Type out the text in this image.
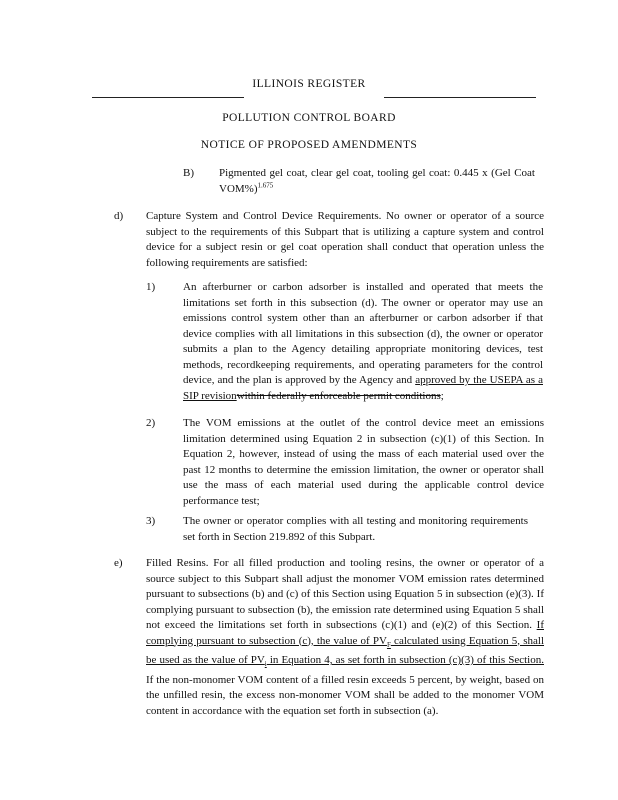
ILLINOIS REGISTER
POLLUTION CONTROL BOARD
NOTICE OF PROPOSED AMENDMENTS
B) Pigmented gel coat, clear gel coat, tooling gel coat: 0.445 x (Gel Coat VOM%)$^{1.675}$
d) Capture System and Control Device Requirements. No owner or operator of a source subject to the requirements of this Subpart that is utilizing a capture system and control device for a subject resin or gel coat operation shall conduct that operation unless the following requirements are satisfied:
1)	An afterburner or carbon adsorber is installed and operated that meets the limitations set forth in this subsection (d). The owner or operator may use an emissions control system other than an afterburner or carbon adsorber if that device complies with all limitations in this subsection (d), the owner or operator submits a plan to the Agency detailing appropriate monitoring devices, test methods, recordkeeping requirements, and operating parameters for the control device, and the plan is approved by the Agency and approved by the USEPA as a SIP revisionwithin federally enforceable permit conditions;
2)	The VOM emissions at the outlet of the control device meet an emissions limitation determined using Equation 2 in subsection (c)(1) of this Section. In Equation 2, however, instead of using the mass of each material used over the past 12 months to determine the emission limitation, the owner or operator shall use the mass of each material used during the applicable control device performance test;
3)	The owner or operator complies with all testing and monitoring requirements set forth in Section 219.892 of this Subpart.
e) Filled Resins. For all filled production and tooling resins, the owner or operator of a source subject to this Subpart shall adjust the monomer VOM emission rates determined pursuant to subsections (b) and (c) of this Section using Equation 5 in subsection (e)(3). If complying pursuant to subsection (b), the emission rate determined using Equation 5 shall not exceed the limitations set forth in subsections (c)(1) and (e)(2) of this Section. If complying pursuant to subsection (c), the value of $PV_F$ calculated using Equation 5, shall be used as the value of $PV_i$ in Equation 4, as set forth in subsection (c)(3) of this Section. If the non-monomer VOM content of a filled resin exceeds 5 percent, by weight, based on the unfilled resin, the excess non-monomer VOM shall be added to the monomer VOM content in accordance with the equation set forth in subsection (a).
